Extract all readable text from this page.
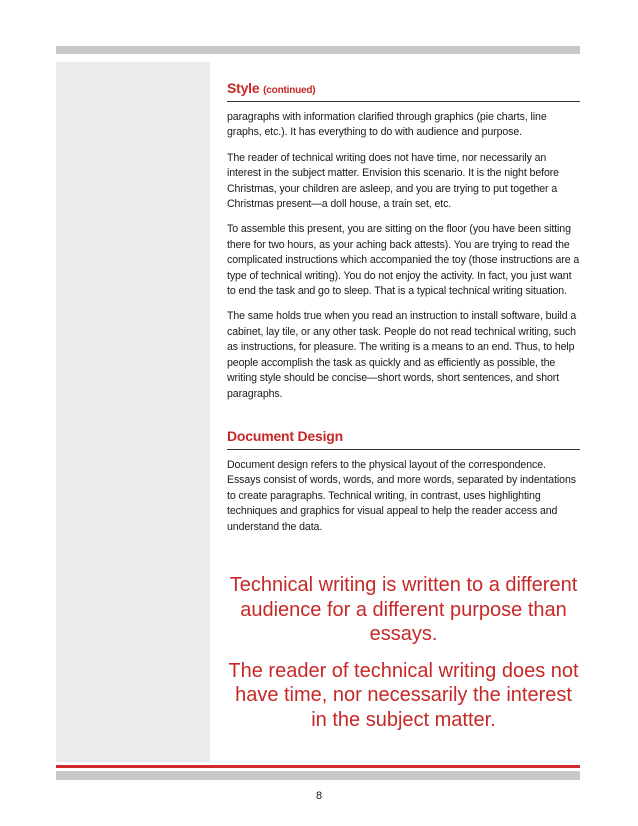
Style (continued)

paragraphs with information clarified through graphics (pie charts, line graphs, etc.). It has everything to do with audience and purpose.

The reader of technical writing does not have time, nor necessarily an interest in the subject matter. Envision this scenario. It is the night before Christmas, your children are asleep, and you are trying to put together a Christmas present—a doll house, a train set, etc.

To assemble this present, you are sitting on the floor (you have been sitting there for two hours, as your aching back attests). You are trying to read the complicated instructions which accompanied the toy (those instructions are a type of technical writing). You do not enjoy the activity. In fact, you just want to end the task and go to sleep. That is a typical technical writing situation.

The same holds true when you read an instruction to install software, build a cabinet, lay tile, or any other task. People do not read technical writing, such as instructions, for pleasure. The writing is a means to an end. Thus, to help people accomplish the task as quickly and as efficiently as possible, the writing style should be concise—short words, short sentences, and short paragraphs.

Document Design

Document design refers to the physical layout of the correspondence. Essays consist of words, words, and more words, separated by indentations to create paragraphs. Technical writing, in contrast, uses highlighting techniques and graphics for visual appeal to help the reader access and understand the data.

Technical writing is written to a different audience for a different purpose than essays.
The reader of technical writing does not have time, nor necessarily the interest in the subject matter.
8
